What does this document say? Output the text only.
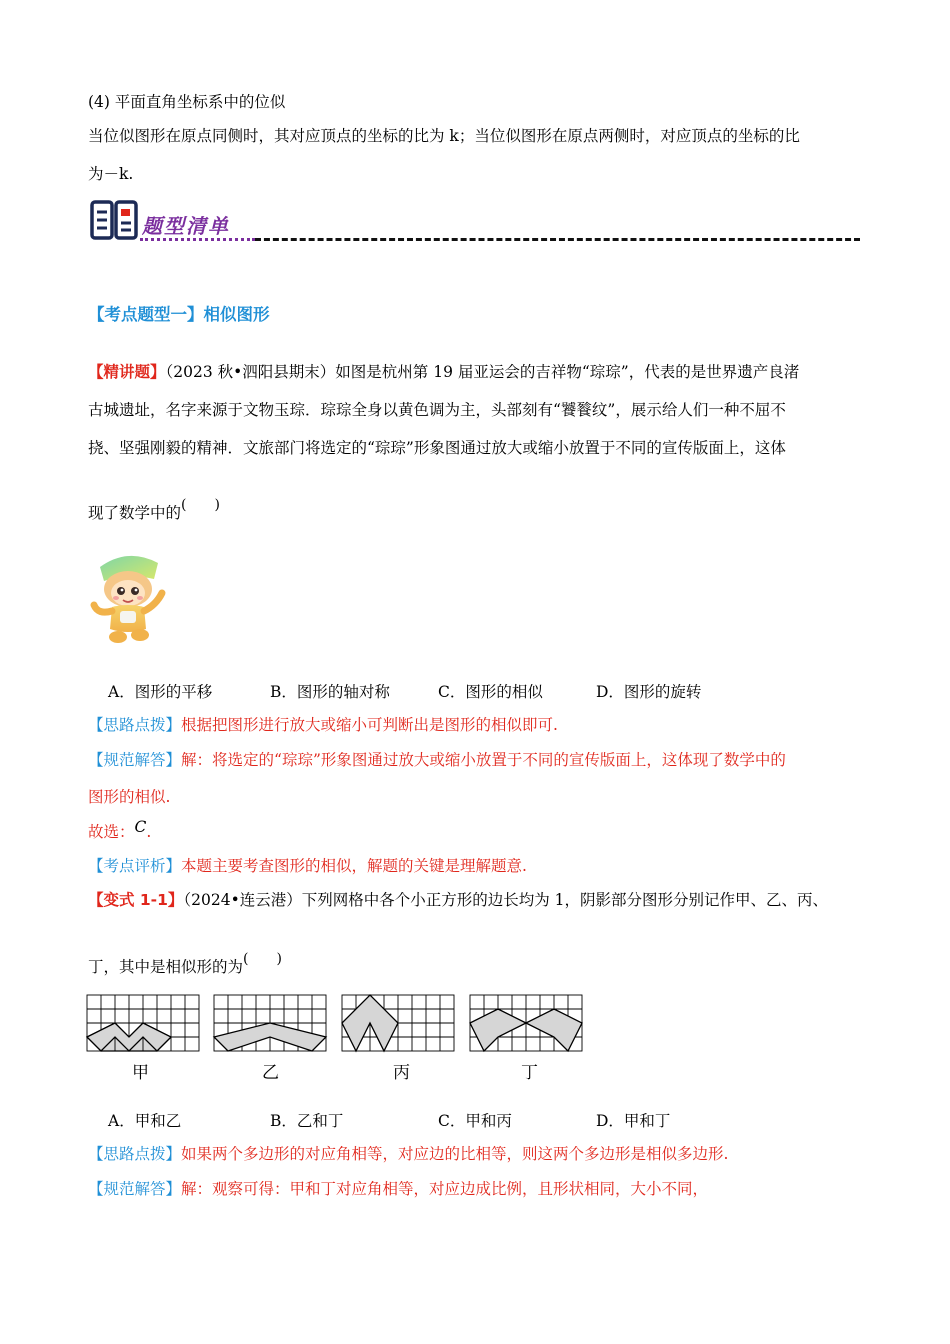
(4) 平面直角坐标系中的位似
当位似图形在原点同侧时，其对应顶点的坐标的比为 k；当位似图形在原点两侧时，对应顶点的坐标的比
为－k.
题型清单
【考点题型一】相似图形
【精讲题】（2023 秋•泗阳县期末）如图是杭州第 19 届亚运会的吉祥物“琮琮”，代表的是世界遗产良渚
古城遗址，名字来源于文物玉琮．琮琮全身以黄色调为主，头部刻有“饕餮纹”，展示给人们一种不屈不
挠、坚强刚毅的精神．文旅部门将选定的“琮琮”形象图通过放大或缩小放置于不同的宣传版面上，这体
现了数学中的(　　)
A．图形的平移	B．图形的轴对称	C．图形的相似	D．图形的旋转
【思路点拨】根据把图形进行放大或缩小可判断出是图形的相似即可.
【规范解答】解：将选定的“琮琮”形象图通过放大或缩小放置于不同的宣传版面上，这体现了数学中的
图形的相似.
故选：C.
【考点评析】本题主要考查图形的相似，解题的关键是理解题意.
【变式 1-1】（2024•连云港）下列网格中各个小正方形的边长均为 1，阴影部分图形分别记作甲、乙、丙、
丁，其中是相似形的为(　　)
甲	乙	丙	丁
A．甲和乙	B．乙和丁	C．甲和丙	D．甲和丁
【思路点拨】如果两个多边形的对应角相等，对应边的比相等，则这两个多边形是相似多边形.
【规范解答】解：观察可得：甲和丁对应角相等，对应边成比例，且形状相同，大小不同，
